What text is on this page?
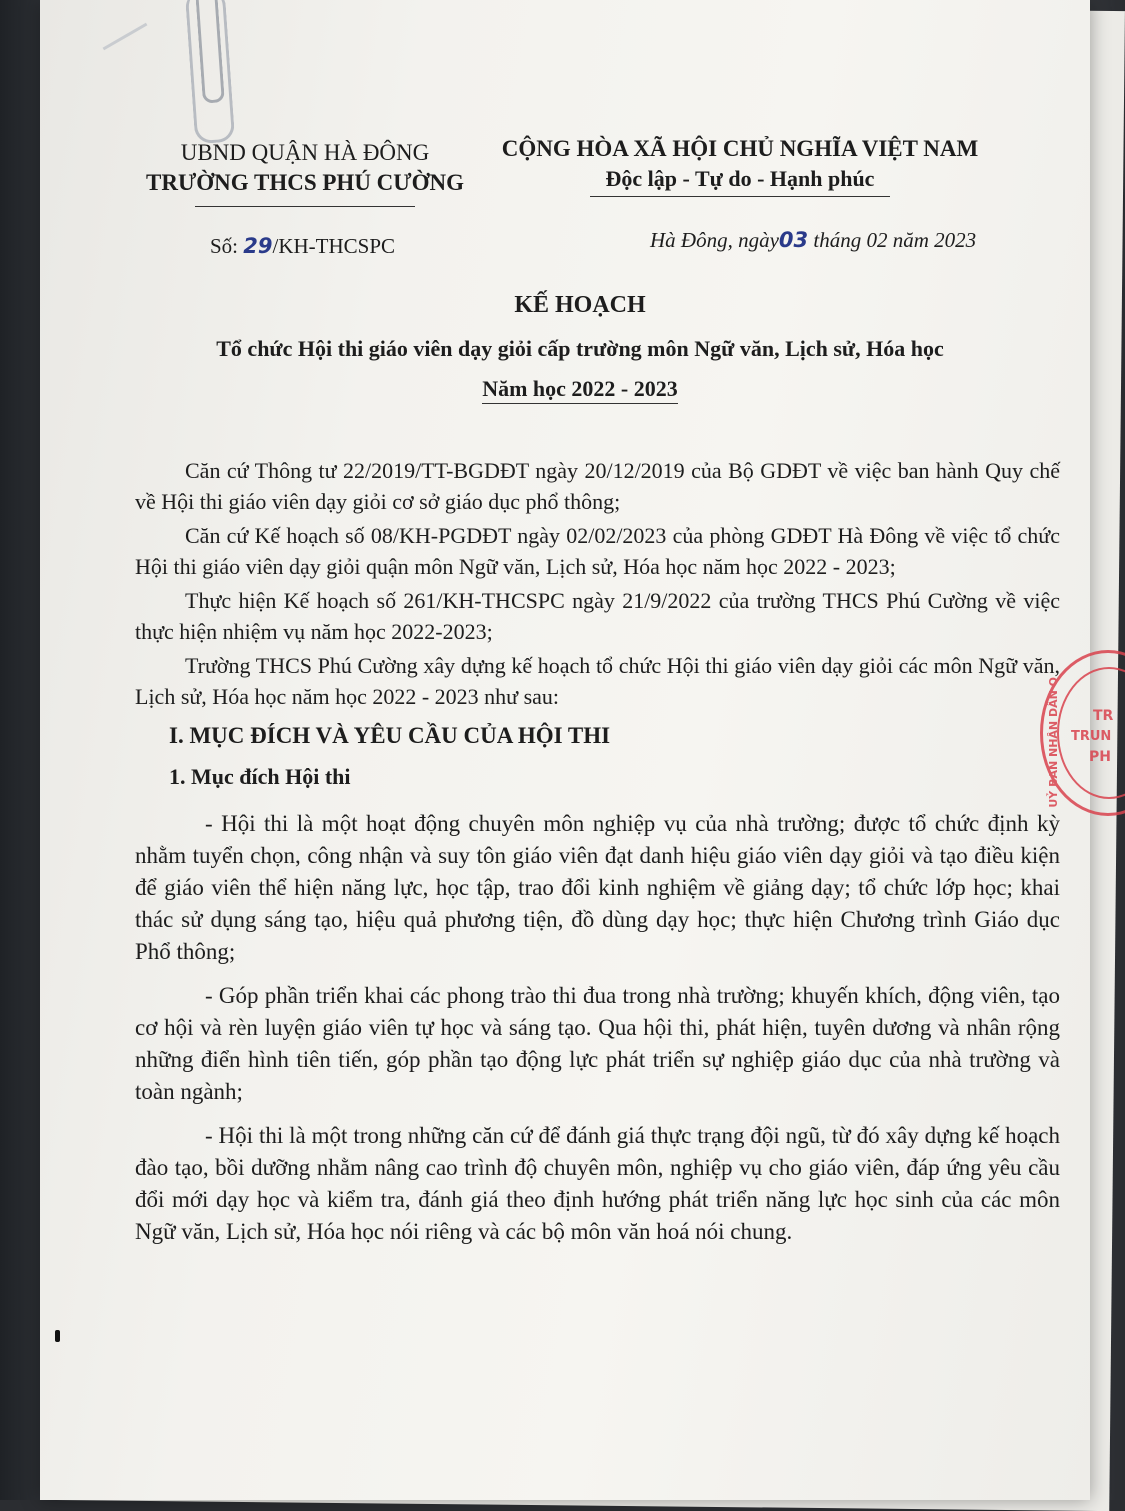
UBND QUẬN HÀ ĐÔNG
TRƯỜNG THCS PHÚ CƯỜNG
CỘNG HÒA XÃ HỘI CHỦ NGHĨA VIỆT NAM
Độc lập - Tự do - Hạnh phúc
Số: 29/KH-THCSPC	Hà Đông, ngày03 tháng 02 năm 2023
KẾ HOẠCH
Tổ chức Hội thi giáo viên dạy giỏi cấp trường môn Ngữ văn, Lịch sử, Hóa học
Năm học 2022 - 2023

Căn cứ Thông tư 22/2019/TT-BGDĐT ngày 20/12/2019 của Bộ GDĐT về việc ban hành Quy chế về Hội thi giáo viên dạy giỏi cơ sở giáo dục phổ thông;

Căn cứ Kế hoạch số 08/KH-PGDĐT ngày 02/02/2023 của phòng GDĐT Hà Đông về việc tổ chức Hội thi giáo viên dạy giỏi quận môn Ngữ văn, Lịch sử, Hóa học năm học 2022 - 2023;

Thực hiện Kế hoạch số 261/KH-THCSPC ngày 21/9/2022 của trường THCS Phú Cường về việc thực hiện nhiệm vụ năm học 2022-2023;

Trường THCS Phú Cường xây dựng kế hoạch tổ chức Hội thi giáo viên dạy giỏi các môn Ngữ văn, Lịch sử, Hóa học năm học 2022 - 2023 như sau:

I. MỤC ĐÍCH VÀ YÊU CẦU CỦA HỘI THI
1. Mục đích Hội thi

- Hội thi là một hoạt động chuyên môn nghiệp vụ của nhà trường; được tổ chức định kỳ nhằm tuyển chọn, công nhận và suy tôn giáo viên đạt danh hiệu giáo viên dạy giỏi và tạo điều kiện để giáo viên thể hiện năng lực, học tập, trao đổi kinh nghiệm về giảng dạy; tổ chức lớp học; khai thác sử dụng sáng tạo, hiệu quả phương tiện, đồ dùng dạy học; thực hiện Chương trình Giáo dục Phổ thông;

- Góp phần triển khai các phong trào thi đua trong nhà trường; khuyến khích, động viên, tạo cơ hội và rèn luyện giáo viên tự học và sáng tạo. Qua hội thi, phát hiện, tuyên dương và nhân rộng những điển hình tiên tiến, góp phần tạo động lực phát triển sự nghiệp giáo dục của nhà trường và toàn ngành;

- Hội thi là một trong những căn cứ để đánh giá thực trạng đội ngũ, từ đó xây dựng kế hoạch đào tạo, bồi dưỡng nhằm nâng cao trình độ chuyên môn, nghiệp vụ cho giáo viên, đáp ứng yêu cầu đổi mới dạy học và kiểm tra, đánh giá theo định hướng phát triển năng lực học sinh của các môn Ngữ văn, Lịch sử, Hóa học nói riêng và các bộ môn văn hoá nói chung.

UỶ BAN NHÂN DÂN Q TR
TRUN
PH
